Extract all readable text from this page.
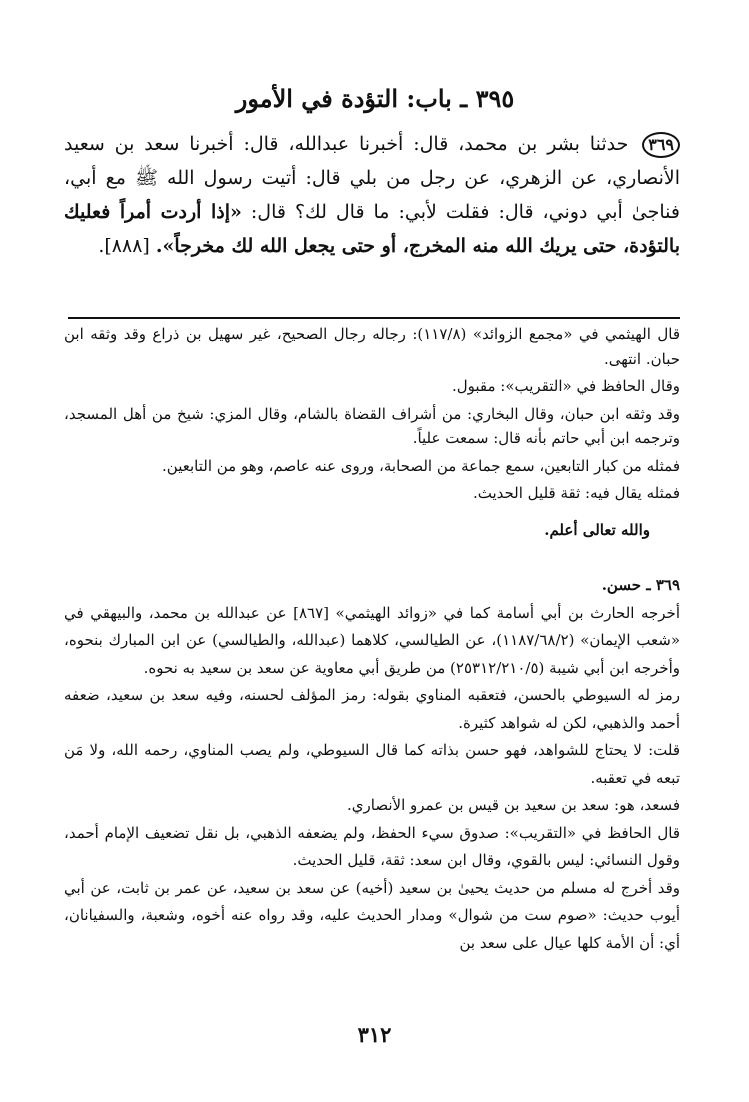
٣٩٥ ـ باب: التؤدة في الأمور
٣٦٩ حدثنا بشر بن محمد، قال: أخبرنا عبدالله، قال: أخبرنا سعد بن سعيد الأنصاري، عن الزهري، عن رجل من بلي قال: أتيت رسول الله ﷺ مع أبي، فناجىٰ أبي دوني، قال: فقلت لأبي: ما قال لك؟ قال: «إذا أردت أمراً فعليك بالتؤدة، حتى يريك الله منه المخرج، أو حتى يجعل الله لك مخرجاً». [٨٨٨].

قال الهيثمي في «مجمع الزوائد» (١١٧/٨): رجاله رجال الصحيح، غير سهيل بن ذراع وقد وثقه ابن حبان. انتهى.

وقال الحافظ في «التقريب»: مقبول.

وقد وثقه ابن حبان، وقال البخاري: من أشراف القضاة بالشام، وقال المزي: شيخ من أهل المسجد، وترجمه ابن أبي حاتم بأنه قال: سمعت علياً.

فمثله من كبار التابعين، سمع جماعة من الصحابة، وروى عنه عاصم، وهو من التابعين.

فمثله يقال فيه: ثقة قليل الحديث.

والله تعالى أعلم.

٣٦٩ ـ حسن.

أخرجه الحارث بن أبي أسامة كما في «زوائد الهيثمي» [٨٦٧] عن عبدالله بن محمد، والبيهقي في «شعب الإيمان» (١١٨٧/٦٨/٢)، عن الطيالسي، كلاهما (عبدالله، والطيالسي) عن ابن المبارك بنحوه، وأخرجه ابن أبي شيبة (٢٥٣١٢/٢١٠/٥) من طريق أبي معاوية عن سعد بن سعيد به نحوه.

رمز له السيوطي بالحسن، فتعقبه المناوي بقوله: رمز المؤلف لحسنه، وفيه سعد بن سعيد، ضعفه أحمد والذهبي، لكن له شواهد كثيرة.

قلت: لا يحتاج للشواهد، فهو حسن بذاته كما قال السيوطي، ولم يصب المناوي، رحمه الله، ولا مَن تبعه في تعقبه.

فسعد، هو: سعد بن سعيد بن قيس بن عمرو الأنصاري.

قال الحافظ في «التقريب»: صدوق سيء الحفظ، ولم يضعفه الذهبي، بل نقل تضعيف الإمام أحمد، وقول النسائي: ليس بالقوي، وقال ابن سعد: ثقة، قليل الحديث.

وقد أخرج له مسلم من حديث يحيىٰ بن سعيد (أخيه) عن سعد بن سعيد، عن عمر بن ثابت، عن أبي أيوب حديث: «صوم ست من شوال» ومدار الحديث عليه، وقد رواه عنه أخوه، وشعبة، والسفيانان، أي: أن الأمة كلها عيال على سعد بن

٣١٢
